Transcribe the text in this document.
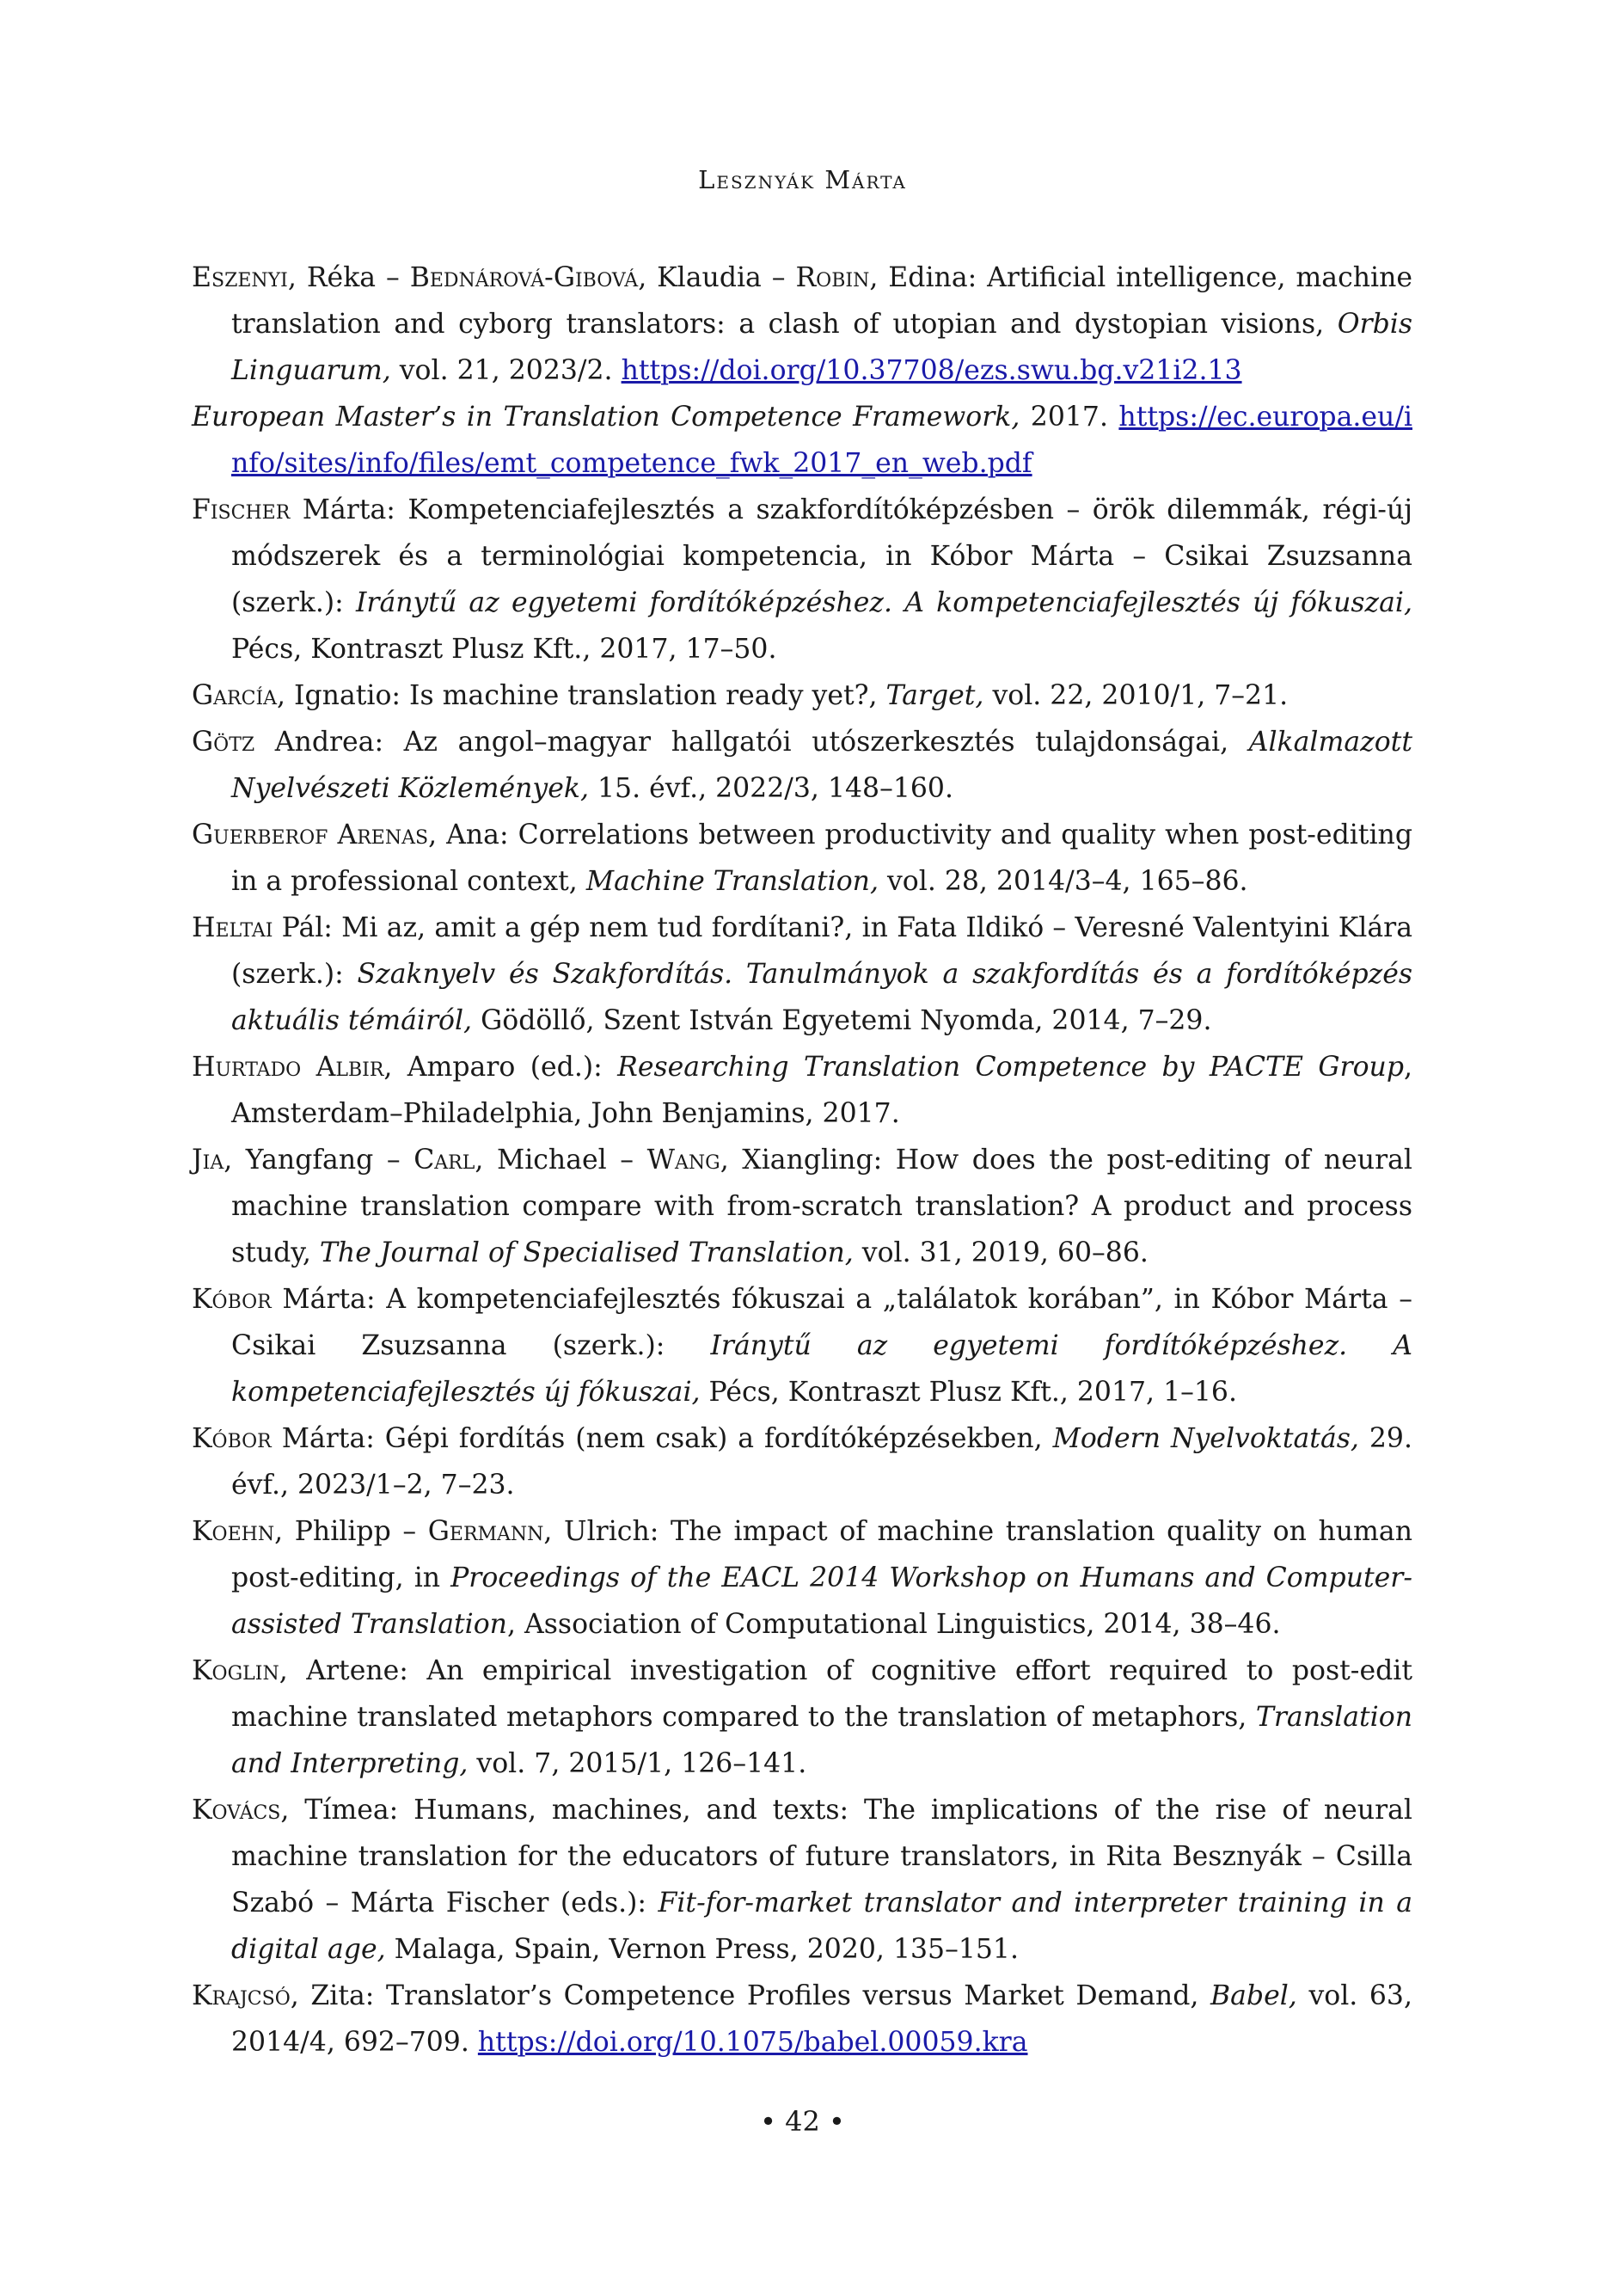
Lesznyák Márta

Eszenyi, Réka – Bednárová-Gibová, Klaudia – Robin, Edina: Artificial intelligence, machine translation and cyborg translators: a clash of utopian and dystopian visions, Orbis Linguarum, vol. 21, 2023/2. https://doi.org/10.37708/ezs.swu.bg.v21i2.13

European Master’s in Translation Competence Framework, 2017. https://ec.europa.eu/info/sites/info/files/emt_competence_fwk_2017_en_web.pdf

Fischer Márta: Kompetenciafejlesztés a szakfordítóképzésben – örök dilemmák, régi-új módszerek és a terminológiai kompetencia, in Kóbor Márta – Csikai Zsuzsanna (szerk.): Iránytű az egyetemi fordítóképzéshez. A kompetenciafejlesztés új fókuszai, Pécs, Kontraszt Plusz Kft., 2017, 17–50.

García, Ignatio: Is machine translation ready yet?, Target, vol. 22, 2010/1, 7–21.

Götz Andrea: Az angol–magyar hallgatói utószerkesztés tulajdonságai, Alkalmazott Nyelvészeti Közlemények, 15. évf., 2022/3, 148–160.

Guerberof Arenas, Ana: Correlations between productivity and quality when post-editing in a professional context, Machine Translation, vol. 28, 2014/3–4, 165–86.

Heltai Pál: Mi az, amit a gép nem tud fordítani?, in Fata Ildikó – Veresné Valentyini Klára (szerk.): Szaknyelv és Szakfordítás. Tanulmányok a szakfordítás és a fordítóképzés aktuális témáiról, Gödöllő, Szent István Egyetemi Nyomda, 2014, 7–29.

Hurtado Albir, Amparo (ed.): Researching Translation Competence by PACTE Group, Amsterdam–Philadelphia, John Benjamins, 2017.

Jia, Yangfang – Carl, Michael – Wang, Xiangling: How does the post-editing of neural machine translation compare with from-scratch translation? A product and process study, The Journal of Specialised Translation, vol. 31, 2019, 60–86.

Kóbor Márta: A kompetenciafejlesztés fókuszai a „találatok korában”, in Kóbor Márta – Csikai Zsuzsanna (szerk.): Iránytű az egyetemi fordítóképzéshez. A kompetenciafejlesztés új fókuszai, Pécs, Kontraszt Plusz Kft., 2017, 1–16.

Kóbor Márta: Gépi fordítás (nem csak) a fordítóképzésekben, Modern Nyelvoktatás, 29. évf., 2023/1–2, 7–23.

Koehn, Philipp – Germann, Ulrich: The impact of machine translation quality on human post-editing, in Proceedings of the EACL 2014 Workshop on Humans and Computer-assisted Translation, Association of Computational Linguistics, 2014, 38–46.

Koglin, Artene: An empirical investigation of cognitive effort required to post-edit machine translated metaphors compared to the translation of metaphors, Translation and Interpreting, vol. 7, 2015/1, 126–141.

Kovács, Tímea: Humans, machines, and texts: The implications of the rise of neural machine translation for the educators of future translators, in Rita Besznyák – Csilla Szabó – Márta Fischer (eds.): Fit-for-market translator and interpreter training in a digital age, Malaga, Spain, Vernon Press, 2020, 135–151.

Krajcsó, Zita: Translator’s Competence Profiles versus Market Demand, Babel, vol. 63, 2014/4, 692–709. https://doi.org/10.1075/babel.00059.kra

• 42 •
